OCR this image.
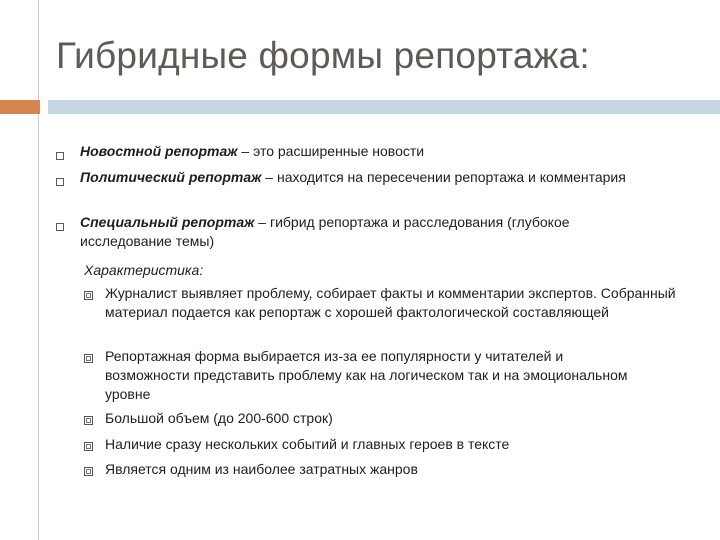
Гибридные формы репортажа:
Новостной репортаж – это расширенные новости
Политический репортаж – находится на пересечении репортажа и комментария
Специальный репортаж – гибрид репортажа и расследования (глубокое исследование темы)
Характеристика:
Журналист выявляет проблему, собирает факты и комментарии экспертов. Собранный материал подается как репортаж с хорошей фактологической составляющей
Репортажная форма выбирается из-за ее популярности у читателей и возможности представить проблему как на логическом так и на эмоциональном уровне
Большой объем (до 200-600 строк)
Наличие сразу нескольких событий и главных героев в тексте
Является одним из наиболее затратных жанров
